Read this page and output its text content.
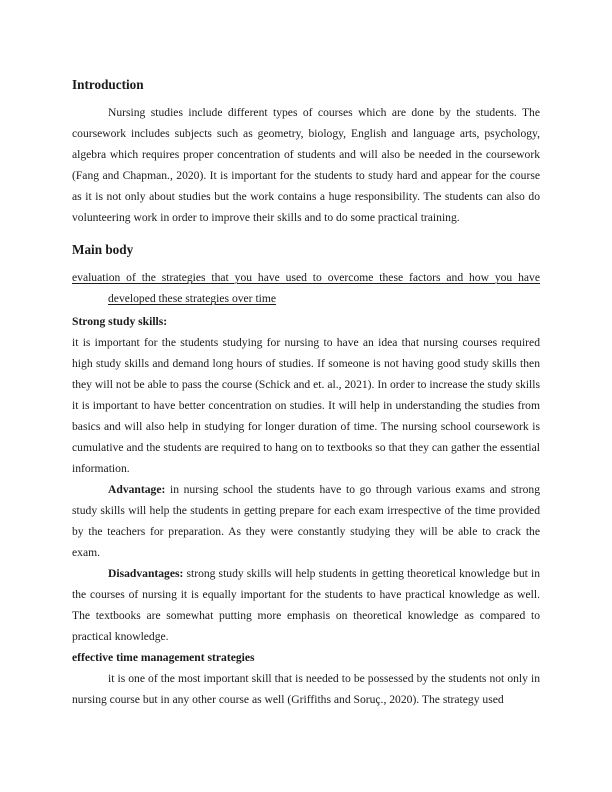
Introduction

Nursing studies include different types of courses which are done by the students. The coursework includes subjects such as geometry, biology, English and language arts, psychology, algebra which requires proper concentration of students and will also be needed in the coursework (Fang and Chapman., 2020). It is important for the students to study hard and appear for the course as it is not only about studies but the work contains a huge responsibility. The students can also do volunteering work in order to improve their skills and to do some practical training.

Main body
evaluation of the strategies that you have used to overcome these factors and how you have
developed these strategies over time
Strong study skills:

it is important for the students studying for nursing to have an idea that nursing courses required high study skills and demand long hours of studies. If someone is not having good study skills then they will not be able to pass the course (Schick and et. al., 2021). In order to increase the study skills it is important to have better concentration on studies. It will help in understanding the studies from basics and will also help in studying for longer duration of time. The nursing school coursework is cumulative and the students are required to hang on to textbooks so that they can gather the essential information.

Advantage: in nursing school the students have to go through various exams and strong study skills will help the students in getting prepare for each exam irrespective of the time provided by the teachers for preparation. As they were constantly studying they will be able to crack the exam.

Disadvantages: strong study skills will help students in getting theoretical knowledge but in the courses of nursing it is equally important for the students to have practical knowledge as well. The textbooks are somewhat putting more emphasis on theoretical knowledge as compared to practical knowledge.

effective time management strategies

it is one of the most important skill that is needed to be possessed by the students not only in nursing course but in any other course as well (Griffiths and Soruç., 2020). The strategy used
